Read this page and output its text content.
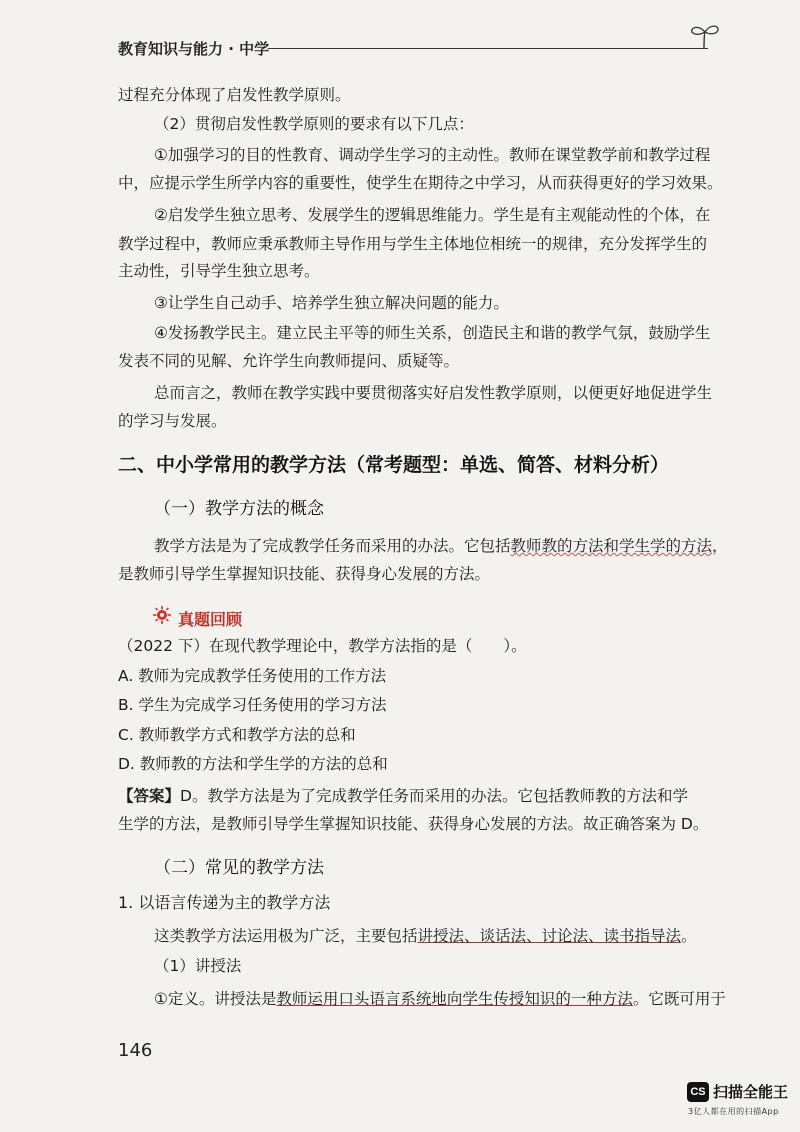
教育知识与能力 · 中学
过程充分体现了启发性教学原则。
（2）贯彻启发性教学原则的要求有以下几点：
①加强学习的目的性教育、调动学生学习的主动性。教师在课堂教学前和教学过程
中，应提示学生所学内容的重要性，使学生在期待之中学习，从而获得更好的学习效果。
②启发学生独立思考、发展学生的逻辑思维能力。学生是有主观能动性的个体，在
教学过程中，教师应秉承教师主导作用与学生主体地位相统一的规律，充分发挥学生的
主动性，引导学生独立思考。
③让学生自己动手、培养学生独立解决问题的能力。
④发扬教学民主。建立民主平等的师生关系，创造民主和谐的教学气氛，鼓励学生
发表不同的见解、允许学生向教师提问、质疑等。
总而言之，教师在教学实践中要贯彻落实好启发性教学原则，以便更好地促进学生
的学习与发展。
二、中小学常用的教学方法（常考题型：单选、简答、材料分析）
（一）教学方法的概念
教学方法是为了完成教学任务而采用的办法。它包括教师教的方法和学生学的方法，
是教师引导学生掌握知识技能、获得身心发展的方法。
真题回顾
（2022 下）在现代教学理论中，教学方法指的是（　　）。
A. 教师为完成教学任务使用的工作方法
B. 学生为完成学习任务使用的学习方法
C. 教师教学方式和教学方法的总和
D. 教师教的方法和学生学的方法的总和
【答案】D。教学方法是为了完成教学任务而采用的办法。它包括教师教的方法和学
生学的方法，是教师引导学生掌握知识技能、获得身心发展的方法。故正确答案为 D。
（二）常见的教学方法
1. 以语言传递为主的教学方法
这类教学方法运用极为广泛，主要包括讲授法、谈话法、讨论法、读书指导法。
（1）讲授法
①定义。讲授法是教师运用口头语言系统地向学生传授知识的一种方法。它既可用于
146
CS 扫描全能王
3亿人都在用的扫描App
